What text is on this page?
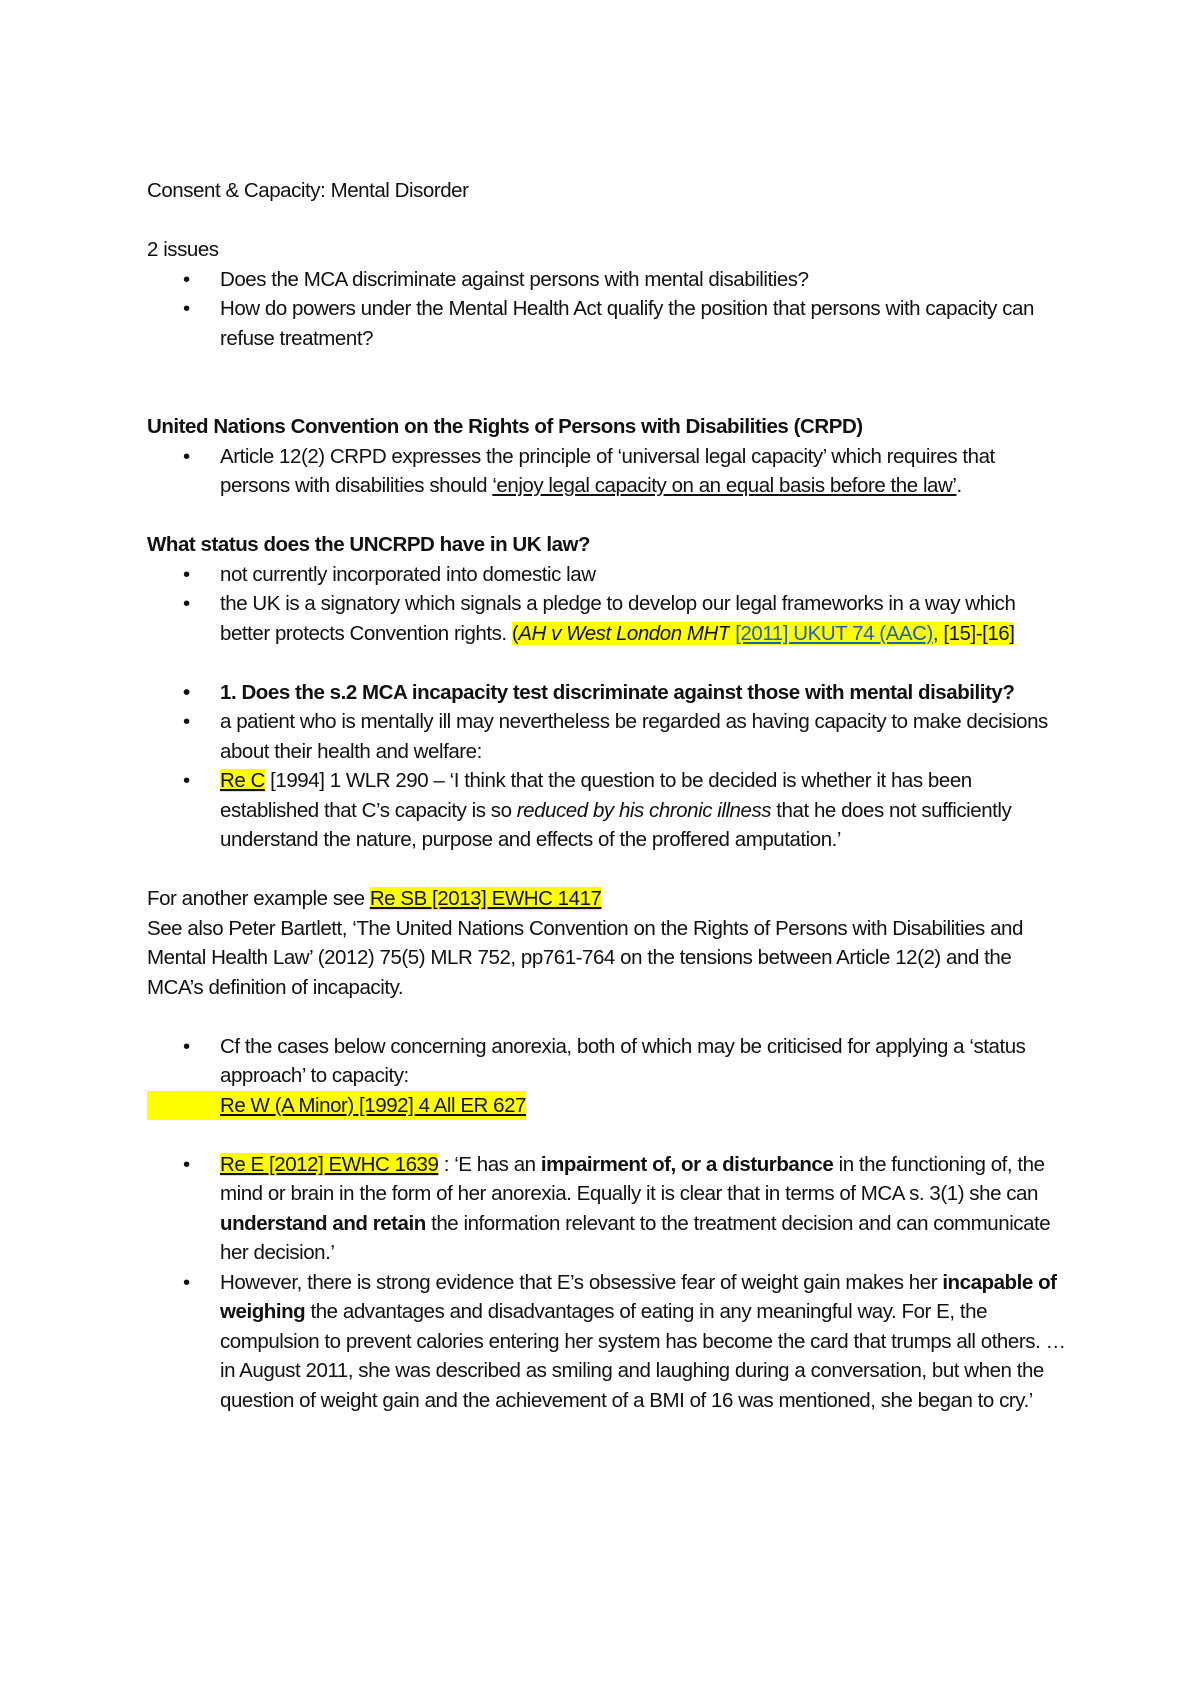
Consent & Capacity: Mental Disorder

2 issues

• Does the MCA discriminate against persons with mental disabilities?
• How do powers under the Mental Health Act qualify the position that persons with capacity can refuse treatment?

United Nations Convention on the Rights of Persons with Disabilities (CRPD)

• Article 12(2) CRPD expresses the principle of ‘universal legal capacity’ which requires that persons with disabilities should ‘enjoy legal capacity on an equal basis before the law’.

What status does the UNCRPD have in UK law?

• not currently incorporated into domestic law
• the UK is a signatory which signals a pledge to develop our legal frameworks in a way which better protects Convention rights. (AH v West London MHT [2011] UKUT 74 (AAC), [15]-[16]
• 1. Does the s.2 MCA incapacity test discriminate against those with mental disability?
• a patient who is mentally ill may nevertheless be regarded as having capacity to make decisions about their health and welfare:
• Re C [1994] 1 WLR 290 – ‘I think that the question to be decided is whether it has been established that C’s capacity is so reduced by his chronic illness that he does not sufficiently understand the nature, purpose and effects of the proffered amputation.’

For another example see Re SB [2013] EWHC 1417

See also Peter Bartlett, ‘The United Nations Convention on the Rights of Persons with Disabilities and Mental Health Law’ (2012) 75(5) MLR 752, pp761-764 on the tensions between Article 12(2) and the MCA’s definition of incapacity.

• Cf the cases below concerning anorexia, both of which may be criticised for applying a ‘status approach’ to capacity:
• Re W (A Minor) [1992] 4 All ER 627
• Re E [2012] EWHC 1639 : ‘E has an impairment of, or a disturbance in the functioning of, the mind or brain in the form of her anorexia. Equally it is clear that in terms of MCA s. 3(1) she can understand and retain the information relevant to the treatment decision and can communicate her decision.’
• However, there is strong evidence that E’s obsessive fear of weight gain makes her incapable of weighing the advantages and disadvantages of eating in any meaningful way. For E, the compulsion to prevent calories entering her system has become the card that trumps all others. …in August 2011, she was described as smiling and laughing during a conversation, but when the question of weight gain and the achievement of a BMI of 16 was mentioned, she began to cry.’
